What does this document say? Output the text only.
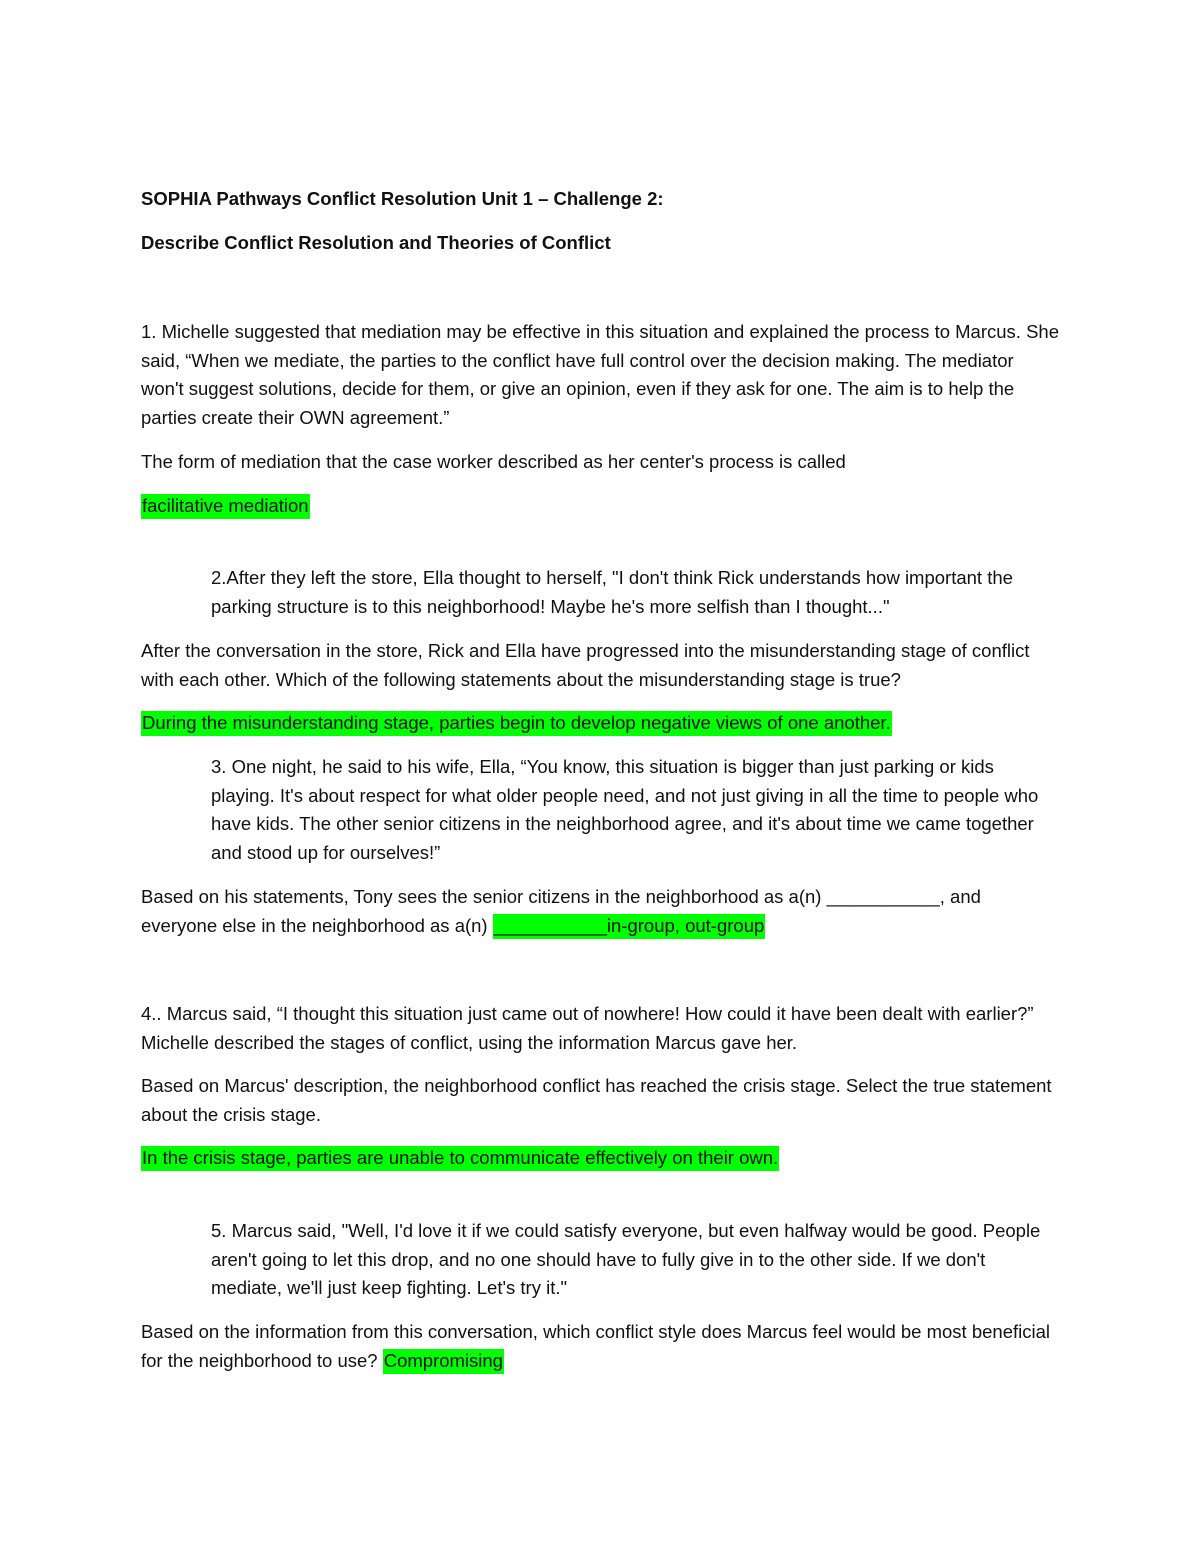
SOPHIA Pathways Conflict Resolution Unit 1 – Challenge 2:

Describe Conflict Resolution and Theories of Conflict

1. Michelle suggested that mediation may be effective in this situation and explained the process to Marcus. She said, “When we mediate, the parties to the conflict have full control over the decision making. The mediator won't suggest solutions, decide for them, or give an opinion, even if they ask for one. The aim is to help the parties create their OWN agreement.”

The form of mediation that the case worker described as her center's process is called

facilitative mediation

2.After they left the store, Ella thought to herself, "I don't think Rick understands how important the parking structure is to this neighborhood! Maybe he's more selfish than I thought..."

After the conversation in the store, Rick and Ella have progressed into the misunderstanding stage of conflict with each other. Which of the following statements about the misunderstanding stage is true?

During the misunderstanding stage, parties begin to develop negative views of one another.

3. One night, he said to his wife, Ella, “You know, this situation is bigger than just parking or kids playing. It's about respect for what older people need, and not just giving in all the time to people who have kids. The other senior citizens in the neighborhood agree, and it's about time we came together and stood up for ourselves!”

Based on his statements, Tony sees the senior citizens in the neighborhood as a(n) ___________, and everyone else in the neighborhood as a(n) ___________in-group, out-group

4.. Marcus said, “I thought this situation just came out of nowhere! How could it have been dealt with earlier?” Michelle described the stages of conflict, using the information Marcus gave her.

Based on Marcus' description, the neighborhood conflict has reached the crisis stage. Select the true statement about the crisis stage.

In the crisis stage, parties are unable to communicate effectively on their own.

5. Marcus said, "Well, I'd love it if we could satisfy everyone, but even halfway would be good. People aren't going to let this drop, and no one should have to fully give in to the other side. If we don't mediate, we'll just keep fighting. Let's try it."

Based on the information from this conversation, which conflict style does Marcus feel would be most beneficial for the neighborhood to use? Compromising
